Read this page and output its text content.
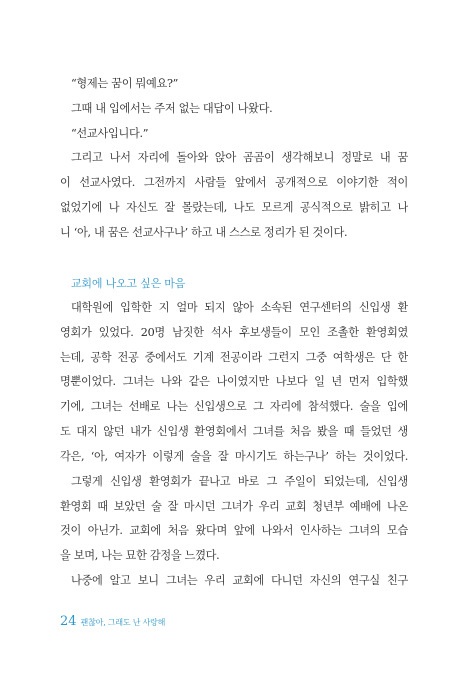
“형제는 꿈이 뭐예요?”
그때 내 입에서는 주저 없는 대답이 나왔다.
“선교사입니다.”
그리고 나서 자리에 돌아와 앉아 곰곰이 생각해보니 정말로 내 꿈
이 선교사였다. 그전까지 사람들 앞에서 공개적으로 이야기한 적이
없었기에 나 자신도 잘 몰랐는데, 나도 모르게 공식적으로 밝히고 나
니 ‘아, 내 꿈은 선교사구나’ 하고 내 스스로 정리가 된 것이다.
교회에 나오고 싶은 마음
대학원에 입학한 지 얼마 되지 않아 소속된 연구센터의 신입생 환
영회가 있었다. 20명 남짓한 석사 후보생들이 모인 조촐한 환영회였
는데, 공학 전공 중에서도 기계 전공이라 그런지 그중 여학생은 단 한
명뿐이었다. 그녀는 나와 같은 나이였지만 나보다 일 년 먼저 입학했
기에, 그녀는 선배로 나는 신입생으로 그 자리에 참석했다. 술을 입에
도 대지 않던 내가 신입생 환영회에서 그녀를 처음 봤을 때 들었던 생
각은, ‘아, 여자가 이렇게 술을 잘 마시기도 하는구나’ 하는 것이었다.
그렇게 신입생 환영회가 끝나고 바로 그 주일이 되었는데, 신입생
환영회 때 보았던 술 잘 마시던 그녀가 우리 교회 청년부 예배에 나온
것이 아닌가. 교회에 처음 왔다며 앞에 나와서 인사하는 그녀의 모습
을 보며, 나는 묘한 감정을 느꼈다.
나중에 알고 보니 그녀는 우리 교회에 다니던 자신의 연구실 친구
24 괜찮아, 그래도 난 사랑해
